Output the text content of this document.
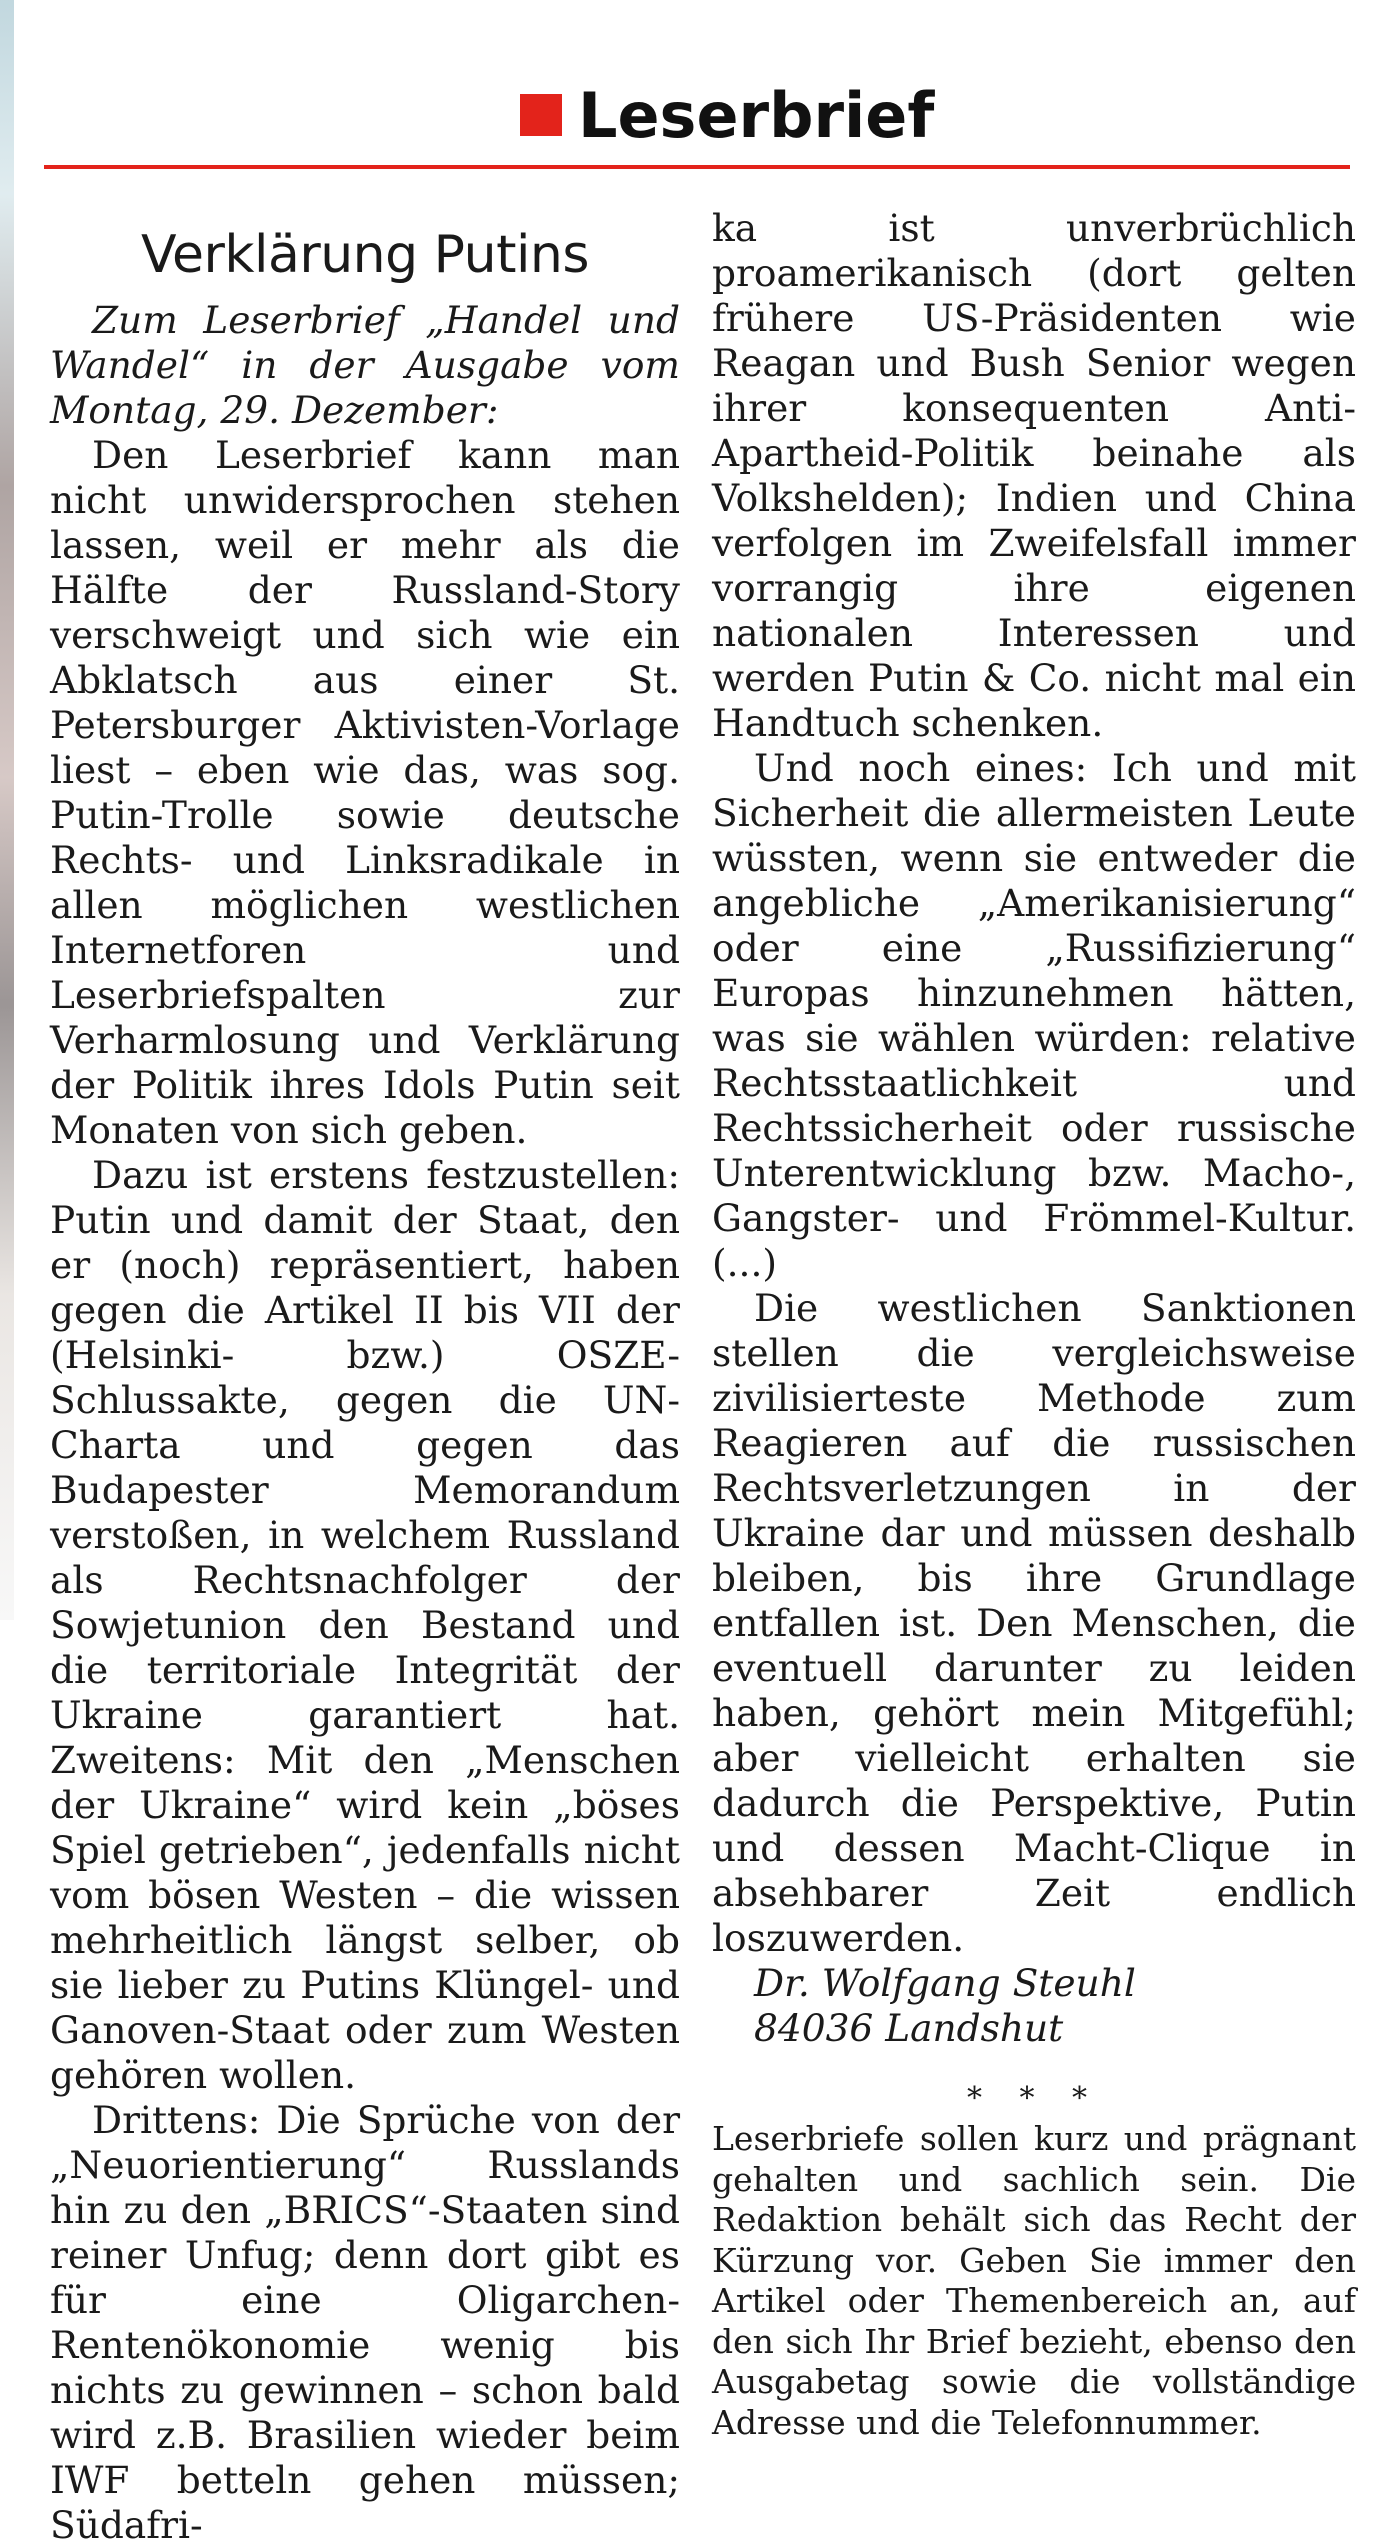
Leserbrief
Verklärung Putins

Zum Leserbrief „Handel und Wandel“ in der Ausgabe vom Montag, 29. Dezember:

Den Leserbrief kann man nicht unwidersprochen stehen lassen, weil er mehr als die Hälfte der Russland-Story verschweigt und sich wie ein Abklatsch aus einer St. Petersburger Aktivisten-Vorlage liest – eben wie das, was sog. Putin-Trolle sowie deutsche Rechts- und Linksradikale in allen möglichen westlichen Internetforen und Leserbriefspalten zur Verharmlosung und Verklärung der Politik ihres Idols Putin seit Monaten von sich geben.

Dazu ist erstens festzustellen: Putin und damit der Staat, den er (noch) repräsentiert, haben gegen die Artikel II bis VII der (Helsinki- bzw.) OSZE-Schlussakte, gegen die UN-Charta und gegen das Budapester Memorandum verstoßen, in welchem Russland als Rechtsnachfolger der Sowjetunion den Bestand und die territoriale Integrität der Ukraine garantiert hat. Zweitens: Mit den „Menschen der Ukraine“ wird kein „böses Spiel getrieben“, jedenfalls nicht vom bösen Westen – die wissen mehrheitlich längst selber, ob sie lieber zu Putins Klüngel- und Ganoven-Staat oder zum Westen gehören wollen.

Drittens: Die Sprüche von der „Neuorientierung“ Russlands hin zu den „BRICS“-Staaten sind reiner Unfug; denn dort gibt es für eine Oligarchen-Rentenökonomie wenig bis nichts zu gewinnen – schon bald wird z.B. Brasilien wieder beim IWF betteln gehen müssen; Südafri-

ka ist unverbrüchlich proamerikanisch (dort gelten frühere US-Präsidenten wie Reagan und Bush Senior wegen ihrer konsequenten Anti-Apartheid-Politik beinahe als Volkshelden); Indien und China verfolgen im Zweifelsfall immer vorrangig ihre eigenen nationalen Interessen und werden Putin & Co. nicht mal ein Handtuch schenken.

Und noch eines: Ich und mit Sicherheit die allermeisten Leute wüssten, wenn sie entweder die angebliche „Amerikanisierung“ oder eine „Russifizierung“ Europas hinzunehmen hätten, was sie wählen würden: relative Rechtsstaatlichkeit und Rechtssicherheit oder russische Unterentwicklung bzw. Macho-, Gangster- und Frömmel-Kultur. (...)

Die westlichen Sanktionen stellen die vergleichsweise zivilisierteste Methode zum Reagieren auf die russischen Rechtsverletzungen in der Ukraine dar und müssen deshalb bleiben, bis ihre Grundlage entfallen ist. Den Menschen, die eventuell darunter zu leiden haben, gehört mein Mitgefühl; aber vielleicht erhalten sie dadurch die Perspektive, Putin und dessen Macht-Clique in absehbarer Zeit endlich loszuwerden.

Dr. Wolfgang Steuhl

84036 Landshut

* * *

Leserbriefe sollen kurz und prägnant gehalten und sachlich sein. Die Redaktion behält sich das Recht der Kürzung vor. Geben Sie immer den Artikel oder Themenbereich an, auf den sich Ihr Brief bezieht, ebenso den Ausgabetag sowie die vollständige Adresse und die Telefonnummer.
